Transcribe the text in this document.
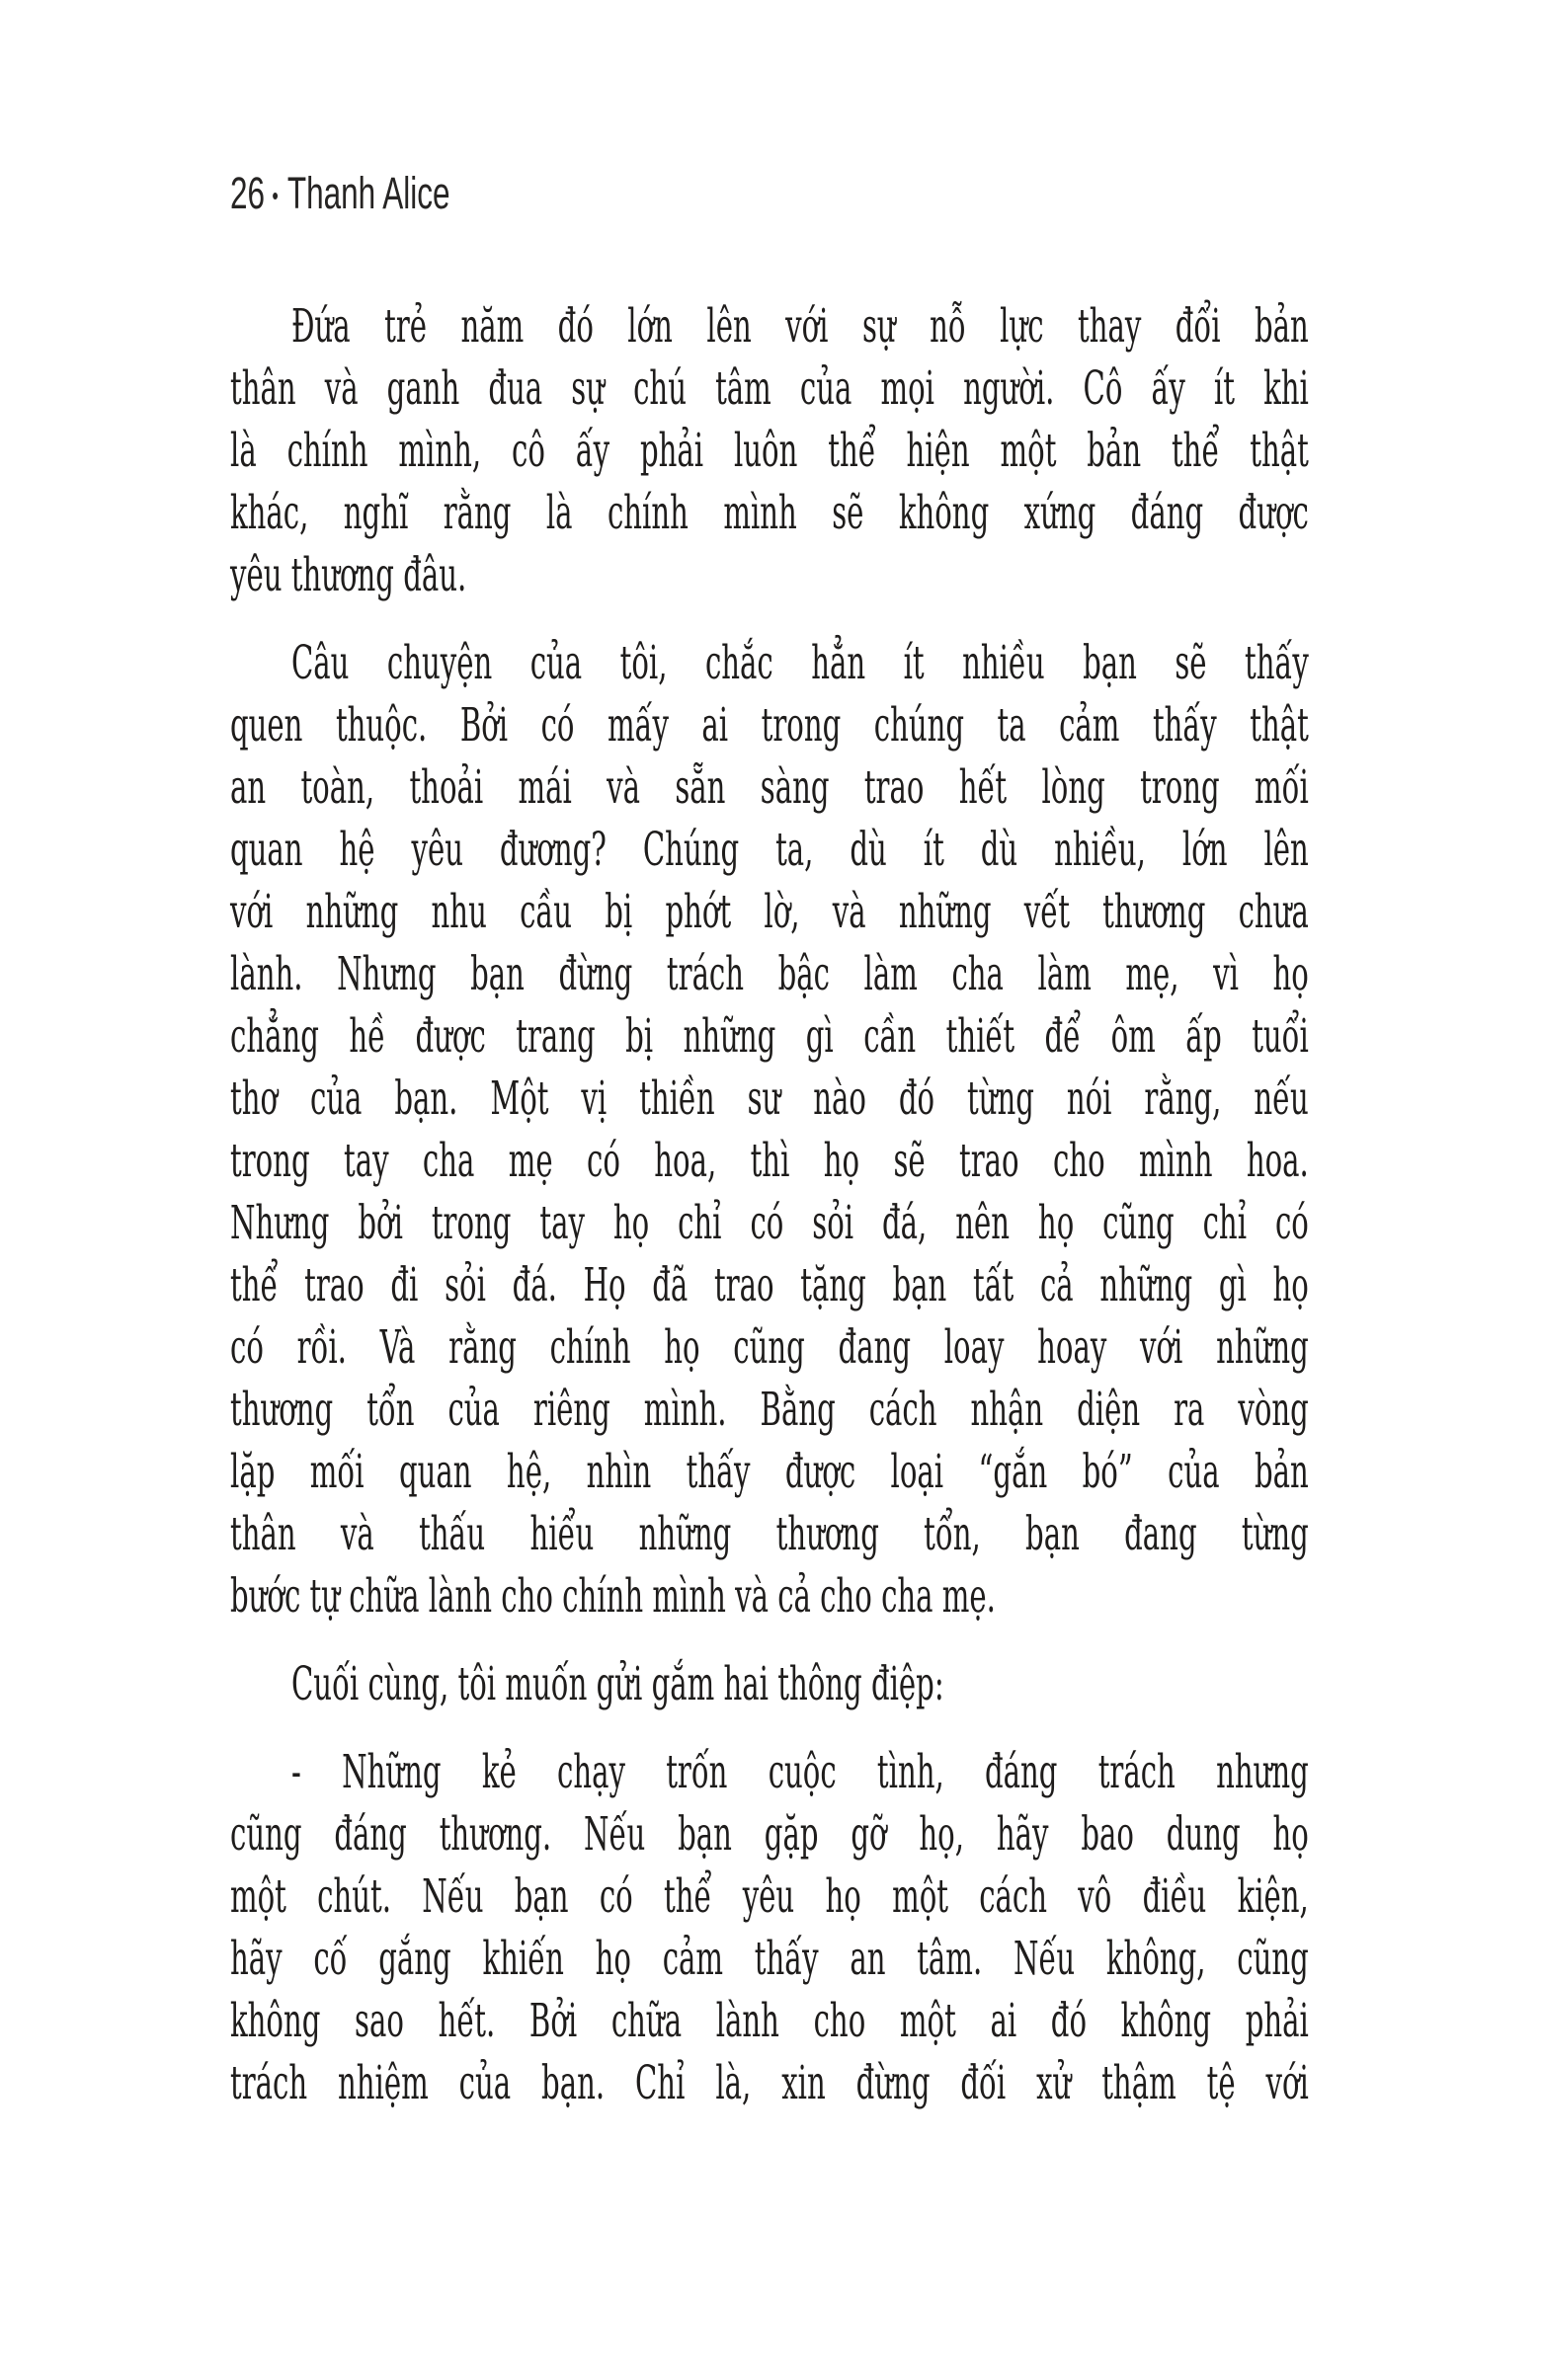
26 • Thanh Alice
Đứa trẻ năm đó lớn lên với sự nỗ lực thay đổi bản
thân và ganh đua sự chú tâm của mọi người. Cô ấy ít khi
là chính mình, cô ấy phải luôn thể hiện một bản thể thật
khác, nghĩ rằng là chính mình sẽ không xứng đáng được
yêu thương đâu.
Câu chuyện của tôi, chắc hẳn ít nhiều bạn sẽ thấy
quen thuộc. Bởi có mấy ai trong chúng ta cảm thấy thật
an toàn, thoải mái và sẵn sàng trao hết lòng trong mối
quan hệ yêu đương? Chúng ta, dù ít dù nhiều, lớn lên
với những nhu cầu bị phớt lờ, và những vết thương chưa
lành. Nhưng bạn đừng trách bậc làm cha làm mẹ, vì họ
chẳng hề được trang bị những gì cần thiết để ôm ấp tuổi
thơ của bạn. Một vị thiền sư nào đó từng nói rằng, nếu
trong tay cha mẹ có hoa, thì họ sẽ trao cho mình hoa.
Nhưng bởi trong tay họ chỉ có sỏi đá, nên họ cũng chỉ có
thể trao đi sỏi đá. Họ đã trao tặng bạn tất cả những gì họ
có rồi. Và rằng chính họ cũng đang loay hoay với những
thương tổn của riêng mình. Bằng cách nhận diện ra vòng
lặp mối quan hệ, nhìn thấy được loại “gắn bó” của bản
thân và thấu hiểu những thương tổn, bạn đang từng
bước tự chữa lành cho chính mình và cả cho cha mẹ.
Cuối cùng, tôi muốn gửi gắm hai thông điệp:
- Những kẻ chạy trốn cuộc tình, đáng trách nhưng
cũng đáng thương. Nếu bạn gặp gỡ họ, hãy bao dung họ
một chút. Nếu bạn có thể yêu họ một cách vô điều kiện,
hãy cố gắng khiến họ cảm thấy an tâm. Nếu không, cũng
không sao hết. Bởi chữa lành cho một ai đó không phải
trách nhiệm của bạn. Chỉ là, xin đừng đối xử thậm tệ với
